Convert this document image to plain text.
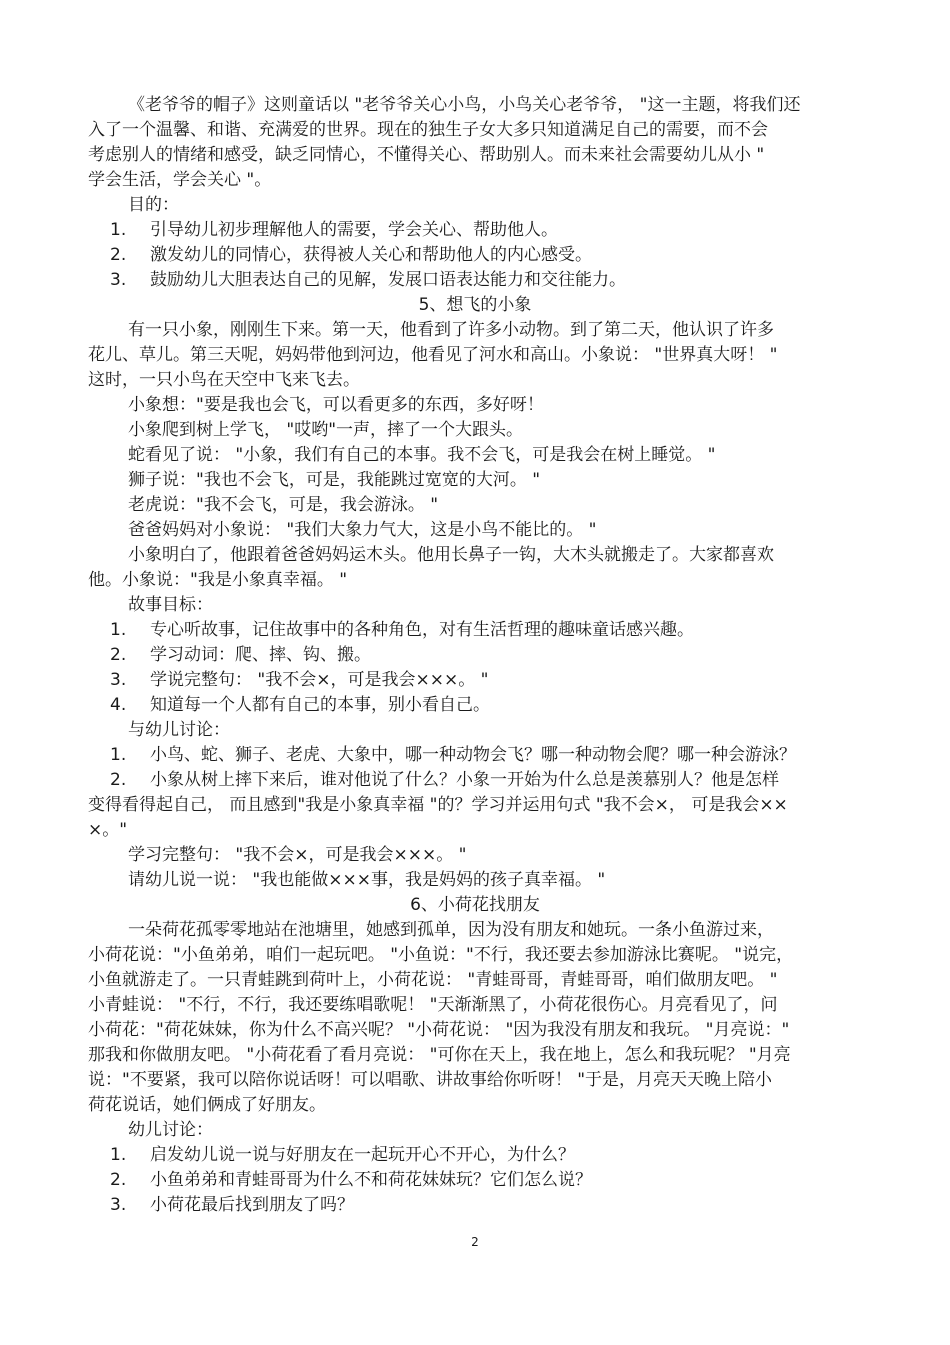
《老爷爷的帽子》这则童话以 "老爷爷关心小鸟，小鸟关心老爷爷， "这一主题，将我们还
入了一个温馨、和谐、充满爱的世界。现在的独生子女大多只知道满足自己的需要，而不会
考虑别人的情绪和感受，缺乏同情心，不懂得关心、帮助别人。而未来社会需要幼儿从小 "
学会生活，学会关心 "。
目的：
1.	引导幼儿初步理解他人的需要，学会关心、帮助他人。
2.	激发幼儿的同情心，获得被人关心和帮助他人的内心感受。
3.	鼓励幼儿大胆表达自己的见解，发展口语表达能力和交往能力。
5、想飞的小象
有一只小象，刚刚生下来。第一天，他看到了许多小动物。到了第二天，他认识了许多
花儿、草儿。第三天呢，妈妈带他到河边，他看见了河水和高山。小象说： "世界真大呀！ "
这时，一只小鸟在天空中飞来飞去。
小象想："要是我也会飞，可以看更多的东西，多好呀！
小象爬到树上学飞， "哎哟"一声，摔了一个大跟头。
蛇看见了说： "小象，我们有自己的本事。我不会飞，可是我会在树上睡觉。 "
狮子说："我也不会飞，可是，我能跳过宽宽的大河。 "
老虎说："我不会飞，可是，我会游泳。 "
爸爸妈妈对小象说： "我们大象力气大，这是小鸟不能比的。 "
小象明白了，他跟着爸爸妈妈运木头。他用长鼻子一钩，大木头就搬走了。大家都喜欢
他。小象说："我是小象真幸福。 "
故事目标：
1.	专心听故事，记住故事中的各种角色，对有生活哲理的趣味童话感兴趣。
2.	学习动词：爬、摔、钩、搬。
3.	学说完整句： "我不会×，可是我会×××。 "
4.	知道每一个人都有自己的本事，别小看自己。
与幼儿讨论：
1.	小鸟、蛇、狮子、老虎、大象中，哪一种动物会飞？哪一种动物会爬？哪一种会游泳？
2.	小象从树上摔下来后，谁对他说了什么？小象一开始为什么总是羡慕别人？他是怎样
变得看得起自己， 而且感到"我是小象真幸福 "的？学习并运用句式 "我不会×， 可是我会××
×。"
学习完整句： "我不会×，可是我会×××。 "
请幼儿说一说： "我也能做×××事，我是妈妈的孩子真幸福。 "
6、小荷花找朋友
一朵荷花孤零零地站在池塘里，她感到孤单，因为没有朋友和她玩。一条小鱼游过来，
小荷花说："小鱼弟弟，咱们一起玩吧。 "小鱼说："不行，我还要去参加游泳比赛呢。 "说完，
小鱼就游走了。一只青蛙跳到荷叶上，小荷花说： "青蛙哥哥，青蛙哥哥，咱们做朋友吧。 "
小青蛙说： "不行，不行，我还要练唱歌呢！ "天渐渐黑了，小荷花很伤心。月亮看见了，问
小荷花："荷花妹妹，你为什么不高兴呢？ "小荷花说： "因为我没有朋友和我玩。 "月亮说："
那我和你做朋友吧。 "小荷花看了看月亮说： "可你在天上，我在地上，怎么和我玩呢？ "月亮
说："不要紧，我可以陪你说话呀！可以唱歌、讲故事给你听呀！ "于是，月亮天天晚上陪小
荷花说话，她们俩成了好朋友。
幼儿讨论：
1.	启发幼儿说一说与好朋友在一起玩开心不开心，为什么？
2.	小鱼弟弟和青蛙哥哥为什么不和荷花妹妹玩？它们怎么说？
3.	小荷花最后找到朋友了吗？
2
